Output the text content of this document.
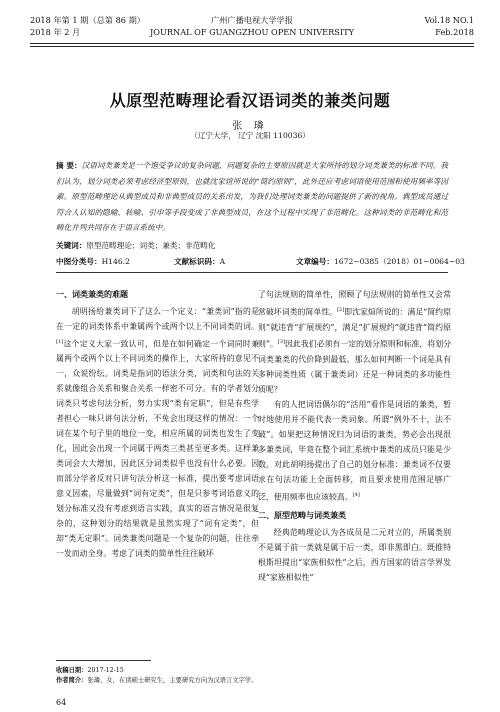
2018 年第 1 期（总第 86 期）
2018 年 2 月
广州广播电视大学学报
JOURNAL OF GUANGZHOU OPEN UNIVERSITY
Vol.18 NO.1
Feb.2018
从原型范畴理论看汉语词类的兼类问题
张 璘
（辽宁大学， 辽宁 沈阳 110036）
摘 要：汉语词类兼类是一个饱受争议的复杂问题，问题复杂的主要原因就是大家所持的划分词类兼类的标准不同。我们认为，划分词类必须考虑经济型原则，也就沈家煊所说的“简约原则”，此外还应考虑词语使用范围和使用频率等因素。原型范畴理论从典型成员和非典型成员的关系出发，为我们处理词类兼类的问题提供了新的视角。典型成员通过符合人认知的隐喻、转喻、引申等手段变成了非典型成员，在这个过程中实现了非范畴化。这种词类的非范畴化和范畴化并列共同存在于语言系统中。
关键词：原型范畴理论；词类；兼类；非范畴化
中图分类号： H146.2	文献标识码： A	文章编号： 1672−0385（2018）01−0064−03
一、词类兼类的难题

胡明扬给兼类词下了这么一个定义：“兼类词”指的是在一定的词类体系中兼属两个或两个以上不同词类的词。[1]这个定义大家一致认可，但是在如何确定一个词同时兼属两个或两个以上不同词类的操作上，大家所持的意见不一，众说纷纭。词类是指词的语法分类，词类和句法的关系就像组合关系和聚合关系一样密不可分。有的学者划分词类只考虑句法分析，努力实现“类有定职”，但是有些学者担心一味只讲句法分析，不免会出现这样的情况：一个词在某个句子里的地位一变，相应所属的词类也发生了变化，因此会出现一个词属于两类三类甚至更多类。这样兼类词会大大增加，因此区分词类似乎也没有什么必要。因而部分学者反对只讲句法分析这一标准，提出要考虑词语意义因素，尽量做到“词有定类”，但是只参考词语意义的划分标准又没有考虑到语言实践，真实的语言情况是很复杂的，这种划分的结果就是虽然实现了“词有定类”，但却“类无定职”。词类兼类问题是一个复杂的问题，往往牵一发而动全身。考虑了词类的简单性往往破坏

了句法规则的简单性，照顾了句法规则的简单性又会常常破坏词类的简单性。[2]即沈家煊所说的：满足“简约原则”就违背“扩展规约”，满足“扩展规约”就违背“简约原则”。[3]因此我们必须有一定的划分原则和标准，将划分词类兼类的代价降到最低。那么如何判断一个词是具有多种词类性质（属于兼类词）还是一种词类的多功能性质呢？

有的人把词语偶尔的“活用”看作是词语的兼类，暂时地使用并不能代表一类词象。所谓“例外不十，法不破”。如果把这种情况归为词语的兼类，势必会出现很多兼类词，毕竟在整个词汇系统中兼类的成员只能是少数。对此胡明扬提出了自己的划分标准：兼类词不仅要求在句法功能上全面转移，而且要求使用范围足够广泛，使用频率也应该较高。[4]

二、原型范畴与词类兼类

经典范畴理论认为各成员是二元对立的，所属类别不是属于前一类就是属于后一类，即非黑即白。既推特根斯坦提出“家族相似性”之后，西方国家的语言学界发现“家族相似性”

收稿日期：2017-12-15
作者简介：张璘，女，在读硕士研究生，主要研究方向为汉语言文字学。
64
